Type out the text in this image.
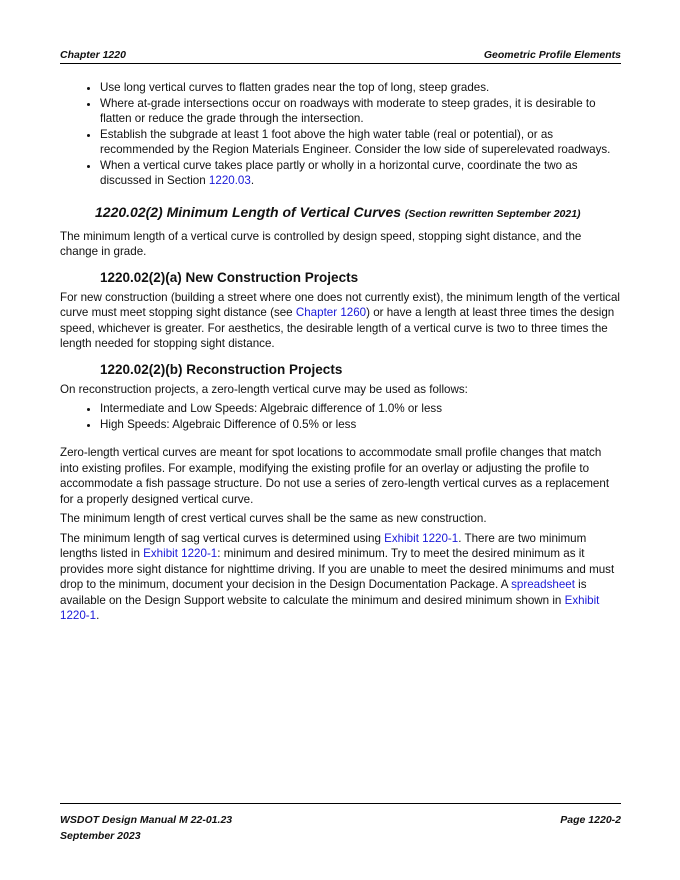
Chapter 1220	Geometric Profile Elements
• Use long vertical curves to flatten grades near the top of long, steep grades.
• Where at-grade intersections occur on roadways with moderate to steep grades, it is desirable to flatten or reduce the grade through the intersection.
• Establish the subgrade at least 1 foot above the high water table (real or potential), or as recommended by the Region Materials Engineer. Consider the low side of superelevated roadways.
• When a vertical curve takes place partly or wholly in a horizontal curve, coordinate the two as discussed in Section 1220.03.
1220.02(2) Minimum Length of Vertical Curves (Section rewritten September 2021)

The minimum length of a vertical curve is controlled by design speed, stopping sight distance, and the change in grade.

1220.02(2)(a) New Construction Projects

For new construction (building a street where one does not currently exist), the minimum length of the vertical curve must meet stopping sight distance (see Chapter 1260) or have a length at least three times the design speed, whichever is greater. For aesthetics, the desirable length of a vertical curve is two to three times the length needed for stopping sight distance.

1220.02(2)(b) Reconstruction Projects

On reconstruction projects, a zero-length vertical curve may be used as follows:

• Intermediate and Low Speeds: Algebraic difference of 1.0% or less
• High Speeds: Algebraic Difference of 0.5% or less

Zero-length vertical curves are meant for spot locations to accommodate small profile changes that match into existing profiles. For example, modifying the existing profile for an overlay or adjusting the profile to accommodate a fish passage structure. Do not use a series of zero-length vertical curves as a replacement for a properly designed vertical curve.

The minimum length of crest vertical curves shall be the same as new construction.

The minimum length of sag vertical curves is determined using Exhibit 1220-1. There are two minimum lengths listed in Exhibit 1220-1: minimum and desired minimum. Try to meet the desired minimum as it provides more sight distance for nighttime driving. If you are unable to meet the desired minimums and must drop to the minimum, document your decision in the Design Documentation Package. A spreadsheet is available on the Design Support website to calculate the minimum and desired minimum shown in Exhibit 1220-1.

WSDOT Design Manual M 22-01.23	Page 1220-2
September 2023
